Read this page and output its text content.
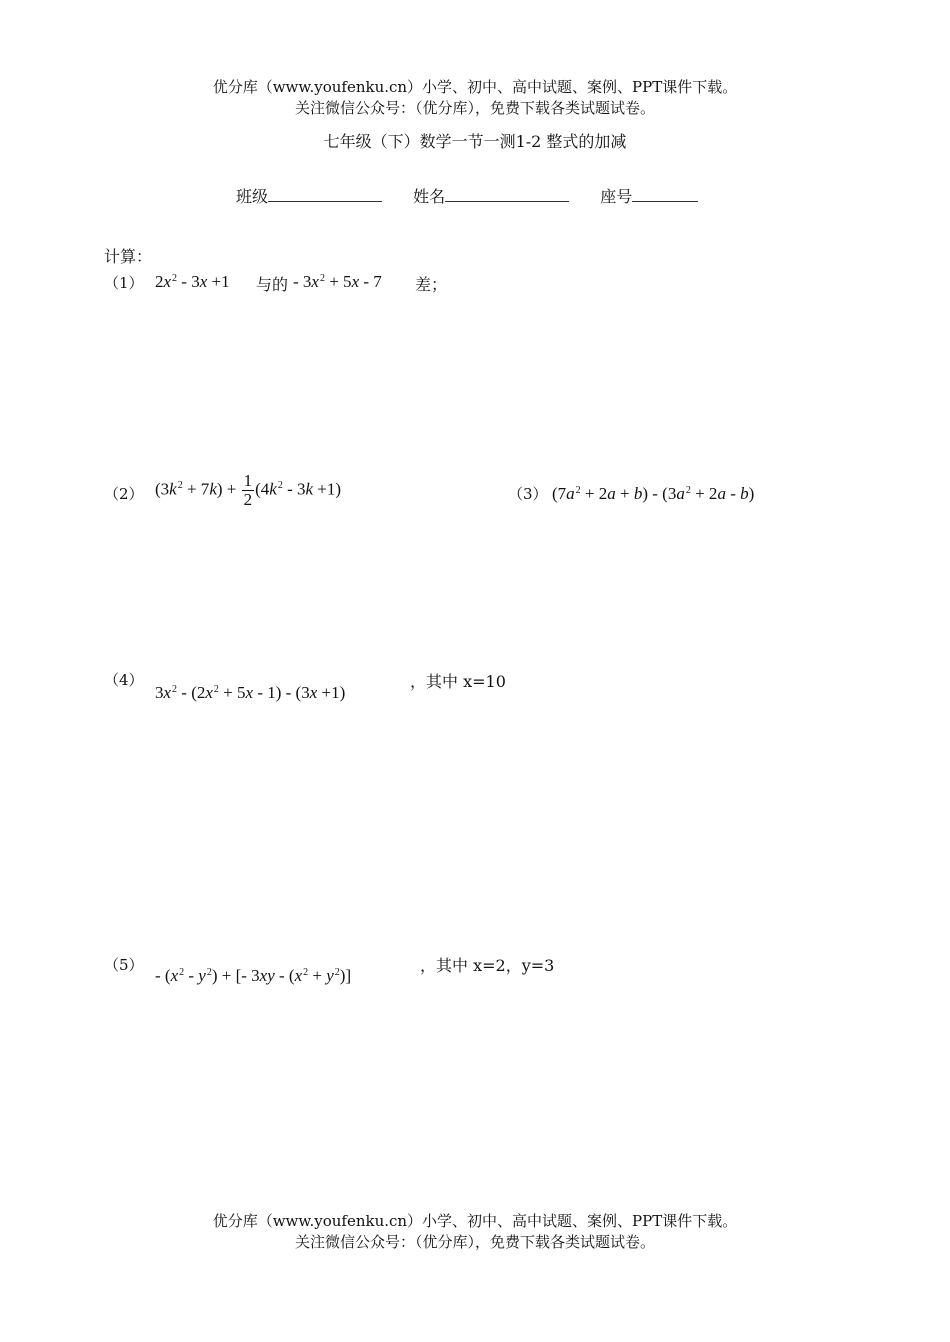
优分库（www.youfenku.cn）小学、初中、高中试题、案例、PPT课件下载。
关注微信公众号：（优分库），免费下载各类试题试卷。
七年级（下）数学一节一测1-2 整式的加减
班级	姓名	座号
计算：
（1） $2x^2 - 3x +1$ 与的 - $3x^2 + 5x - 7$ 差；
（2） $(3k^2 + 7k) + \frac{1}{2} (4k^2 - 3k +1)$	（3） $(7a^2 + 2a + b) - (3a^2 + 2a - b)$
（4）
$3x^2 - (2x^2 + 5x - 1) - (3x +1)$
，其中 x=10
（5）
- $(x^2 - y^2)$ + [- $3xy - (x^2 + y^2)$]
，其中 x=2，y=3
优分库（www.youfenku.cn）小学、初中、高中试题、案例、PPT课件下载。
关注微信公众号：（优分库），免费下载各类试题试卷。
